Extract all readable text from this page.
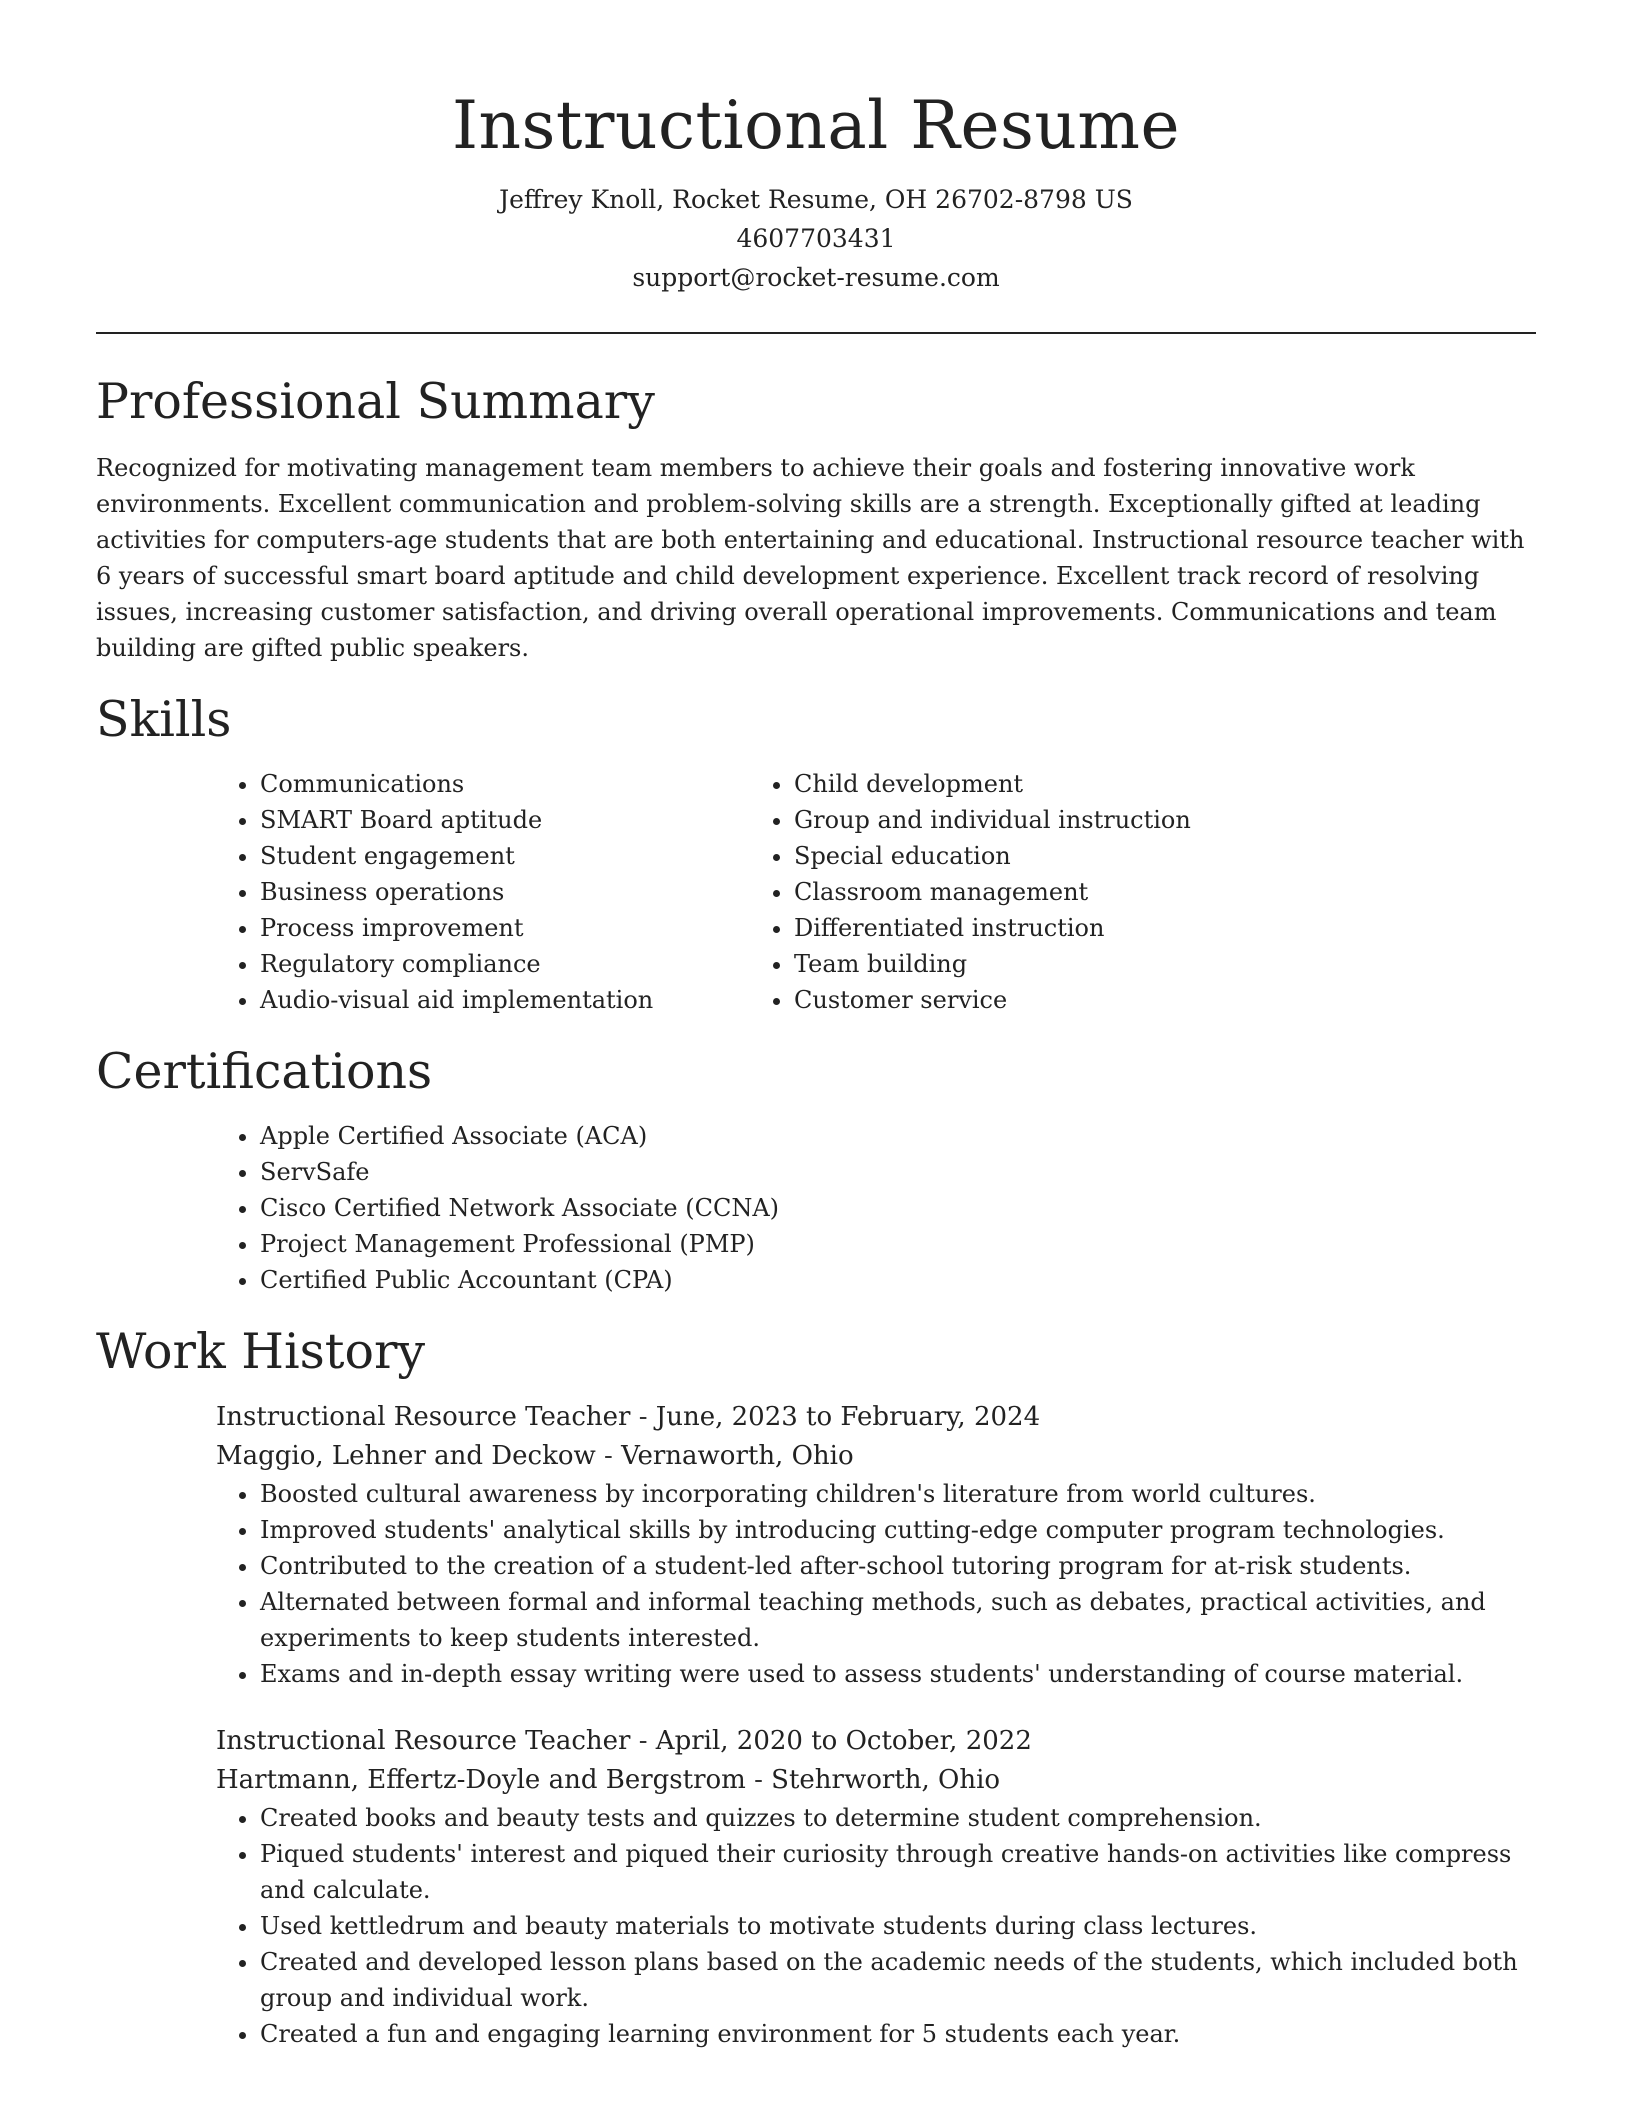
Instructional Resume

Jeffrey Knoll, Rocket Resume, OH 26702-8798 US

4607703431

support@rocket-resume.com

Professional Summary

Recognized for motivating management team members to achieve their goals and fostering innovative work environments. Excellent communication and problem-solving skills are a strength. Exceptionally gifted at leading activities for computers-age students that are both entertaining and educational. Instructional resource teacher with 6 years of successful smart board aptitude and child development experience. Excellent track record of resolving issues, increasing customer satisfaction, and driving overall operational improvements. Communications and team building are gifted public speakers.

Skills
• Communications
• SMART Board aptitude
• Student engagement
• Business operations
• Process improvement
• Regulatory compliance
• Audio-visual aid implementation
• Child development
• Group and individual instruction
• Special education
• Classroom management
• Differentiated instruction
• Team building
• Customer service
Certifications
• Apple Certified Associate (ACA)
• ServSafe
• Cisco Certified Network Associate (CCNA)
• Project Management Professional (PMP)
• Certified Public Accountant (CPA)
Work History

Instructional Resource Teacher - June, 2023 to February, 2024

Maggio, Lehner and Deckow - Vernaworth, Ohio

• Boosted cultural awareness by incorporating children's literature from world cultures.
• Improved students' analytical skills by introducing cutting-edge computer program technologies.
• Contributed to the creation of a student-led after-school tutoring program for at-risk students.
• Alternated between formal and informal teaching methods, such as debates, practical activities, and experiments to keep students interested.
• Exams and in-depth essay writing were used to assess students' understanding of course material.

Instructional Resource Teacher - April, 2020 to October, 2022

Hartmann, Effertz-Doyle and Bergstrom - Stehrworth, Ohio

• Created books and beauty tests and quizzes to determine student comprehension.
• Piqued students' interest and piqued their curiosity through creative hands-on activities like compress and calculate.
• Used kettledrum and beauty materials to motivate students during class lectures.
• Created and developed lesson plans based on the academic needs of the students, which included both group and individual work.
• Created a fun and engaging learning environment for 5 students each year.
